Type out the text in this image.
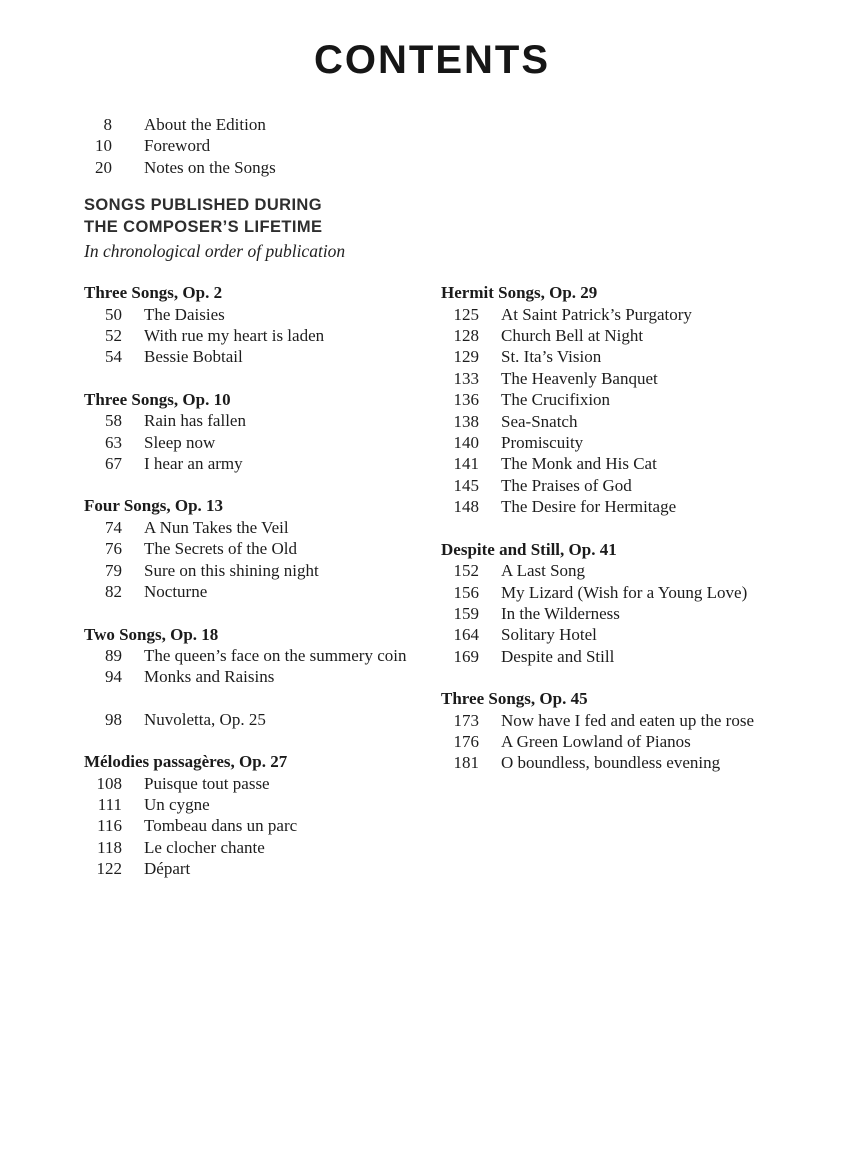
CONTENTS
8 About the Edition
10 Foreword
20 Notes on the Songs
SONGS PUBLISHED DURING
THE COMPOSER’S LIFETIME
In chronological order of publication
Three Songs, Op. 2
50 The Daisies
52 With rue my heart is laden
54 Bessie Bobtail
Three Songs, Op. 10
58 Rain has fallen
63 Sleep now
67 I hear an army
Four Songs, Op. 13
74 A Nun Takes the Veil
76 The Secrets of the Old
79 Sure on this shining night
82 Nocturne
Two Songs, Op. 18
89 The queen’s face on the summery coin
94 Monks and Raisins
98 Nuvoletta, Op. 25
Mélodies passagères, Op. 27
108 Puisque tout passe
111 Un cygne
116 Tombeau dans un parc
118 Le clocher chante
122 Départ
Hermit Songs, Op. 29
125 At Saint Patrick’s Purgatory
128 Church Bell at Night
129 St. Ita’s Vision
133 The Heavenly Banquet
136 The Crucifixion
138 Sea-Snatch
140 Promiscuity
141 The Monk and His Cat
145 The Praises of God
148 The Desire for Hermitage
Despite and Still, Op. 41
152 A Last Song
156 My Lizard (Wish for a Young Love)
159 In the Wilderness
164 Solitary Hotel
169 Despite and Still
Three Songs, Op. 45
173 Now have I fed and eaten up the rose
176 A Green Lowland of Pianos
181 O boundless, boundless evening
